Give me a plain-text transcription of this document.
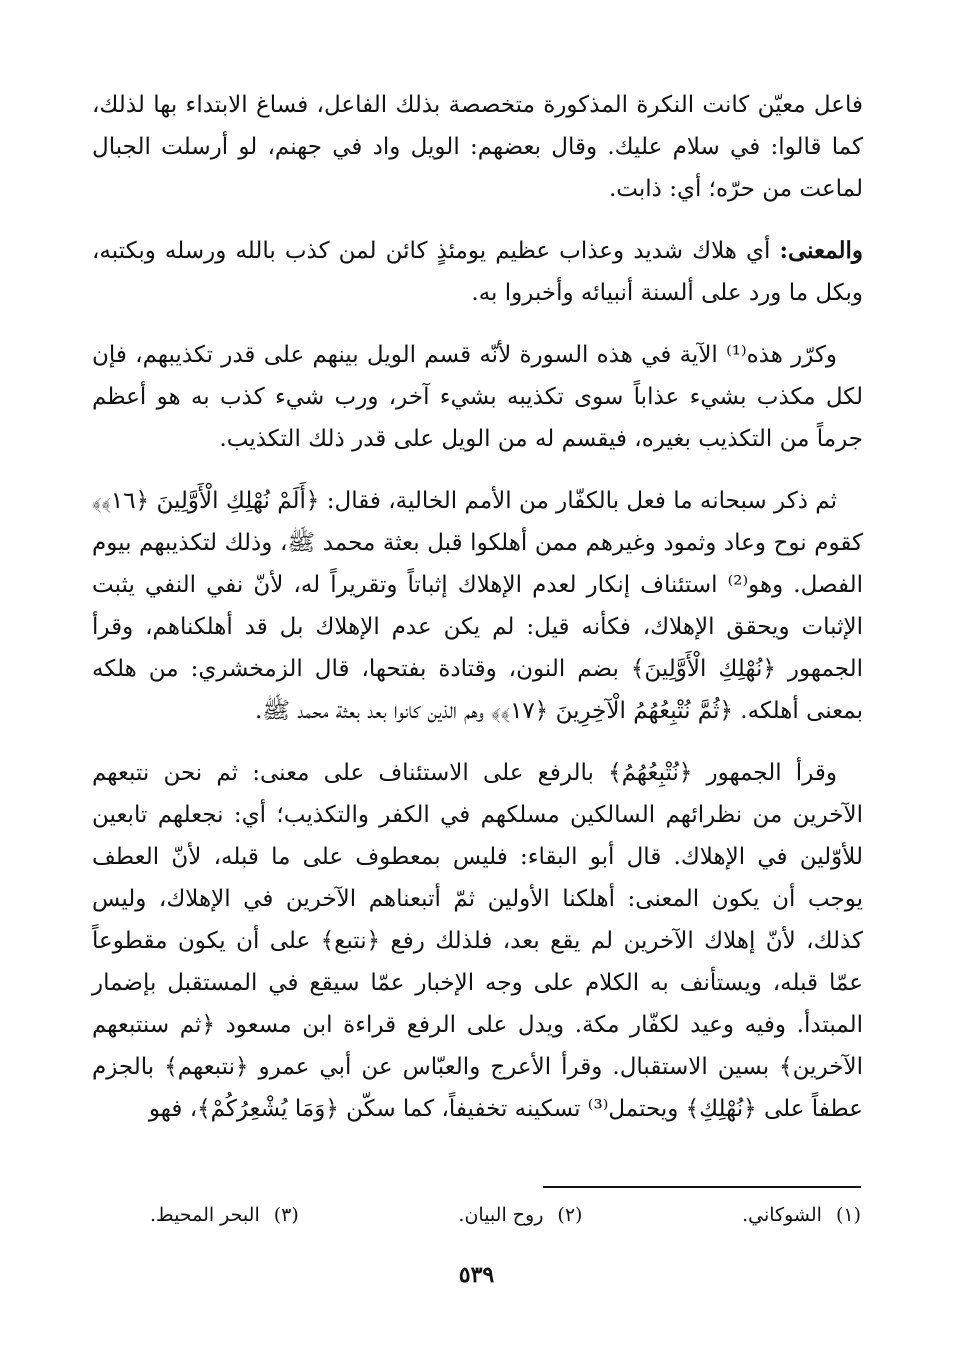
فاعل معيّن كانت النكرة المذكورة متخصصة بذلك الفاعل، فساغ الابتداء بها لذلك، كما قالوا: في سلام عليك. وقال بعضهم: الويل واد في جهنم، لو أرسلت الجبال لماعت من حرّه؛ أي: ذابت.

والمعنى: أي هلاك شديد وعذاب عظيم يومئذٍ كائن لمن كذب بالله ورسله وبكتبه، وبكل ما ورد على ألسنة أنبيائه وأخبروا به.

وكرّر هذه⁽¹⁾ الآية في هذه السورة لأنّه قسم الويل بينهم على قدر تكذيبهم، فإن لكل مكذب بشيء عذاباً سوى تكذيبه بشيء آخر، ورب شيء كذب به هو أعظم جرماً من التكذيب بغيره، فيقسم له من الويل على قدر ذلك التكذيب.

ثم ذكر سبحانه ما فعل بالكفّار من الأمم الخالية، فقال: ﴿أَلَمْ نُهْلِكِ الْأَوَّلِينَ ﴿١٦﴾﴾ كقوم نوح وعاد وثمود وغيرهم ممن أهلكوا قبل بعثة محمد ﷺ، وذلك لتكذيبهم بيوم الفصل. وهو⁽²⁾ استئناف إنكار لعدم الإهلاك إثباتاً وتقريراً له، لأنّ نفي النفي يثبت الإثبات ويحقق الإهلاك، فكأنه قيل: لم يكن عدم الإهلاك بل قد أهلكناهم، وقرأ الجمهور ﴿نُهْلِكِ الْأَوَّلِينَ﴾ بضم النون، وقتادة بفتحها، قال الزمخشري: من هلكه بمعنى أهلكه. ﴿ثُمَّ نُتْبِعُهُمُ الْآخِرِينَ ﴿١٧﴾﴾ وهم الذين كانوا بعد بعثة محمد ﷺ.

وقرأ الجمهور ﴿نُتْبِعُهُمُ﴾ بالرفع على الاستئناف على معنى: ثم نحن نتبعهم الآخرين من نظرائهم السالكين مسلكهم في الكفر والتكذيب؛ أي: نجعلهم تابعين للأوّلين في الإهلاك. قال أبو البقاء: فليس بمعطوف على ما قبله، لأنّ العطف يوجب أن يكون المعنى: أهلكنا الأولين ثمّ أتبعناهم الآخرين في الإهلاك، وليس كذلك، لأنّ إهلاك الآخرين لم يقع بعد، فلذلك رفع ﴿نتبع﴾ على أن يكون مقطوعاً عمّا قبله، ويستأنف به الكلام على وجه الإخبار عمّا سيقع في المستقبل بإضمار المبتدأ. وفيه وعيد لكفّار مكة. ويدل على الرفع قراءة ابن مسعود ﴿ثم سنتبعهم الآخرين﴾ بسين الاستقبال. وقرأ الأعرج والعبّاس عن أبي عمرو ﴿نتبعهم﴾ بالجزم عطفاً على ﴿نُهْلِكِ﴾ ويحتمل⁽³⁾ تسكينه تخفيفاً، كما سكّن ﴿وَمَا يُشْعِرُكُمْ﴾، فهو

(١)الشوكاني.
(٢)روح البيان.
(٣)البحر المحيط.
٥٣٩
